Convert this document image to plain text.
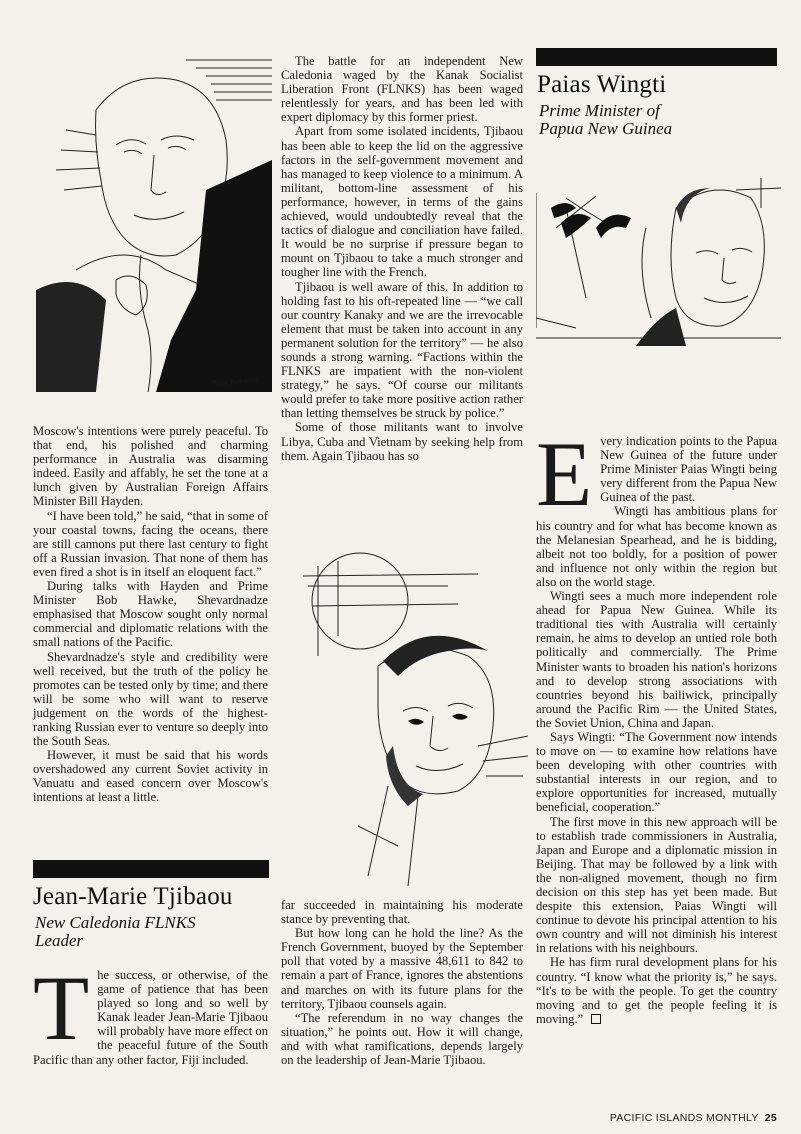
Tony Roberts

Moscow's intentions were purely peaceful. To that end, his polished and charming performance in Australia was disarming indeed. Easily and affably, he set the tone at a lunch given by Australian Foreign Affairs Minister Bill Hayden.

“I have been told,” he said, “that in some of your coastal towns, facing the oceans, there are still cannons put there last century to fight off a Russian invasion. That none of them has even fired a shot is in itself an eloquent fact.”

During talks with Hayden and Prime Minister Bob Hawke, Shevardnadze emphasised that Moscow sought only normal commercial and diplomatic relations with the small nations of the Pacific.

Shevardnadze's style and credibility were well received, but the truth of the policy he promotes can be tested only by time; and there will be some who will want to reserve judgement on the words of the highest-ranking Russian ever to venture so deeply into the South Seas.

However, it must be said that his words overshadowed any current Soviet activity in Vanuatu and eased concern over Moscow's intentions at least a little.

Jean-Marie Tjibaou
New Caledonia FLNKS
Leader

T he success, or otherwise, of the game of patience that has been played so long and so well by Kanak leader Jean-Marie Tjibaou will probably have more effect on the peaceful future of the South Pacific than any other factor, Fiji included.

The battle for an independent New Caledonia waged by the Kanak Socialist Liberation Front (FLNKS) has been waged relentlessly for years, and has been led with expert diplomacy by this former priest.

Apart from some isolated incidents, Tjibaou has been able to keep the lid on the aggressive factors in the self-government movement and has managed to keep violence to a minimum. A militant, bottom-line assessment of his performance, however, in terms of the gains achieved, would undoubtedly reveal that the tactics of dialogue and conciliation have failed. It would be no surprise if pressure began to mount on Tjibaou to take a much stronger and tougher line with the French.

Tjibaou is well aware of this. In addition to holding fast to his oft-repeated line — “we call our country Kanaky and we are the irrevocable element that must be taken into account in any permanent solution for the territory” — he also sounds a strong warning. “Factions within the FLNKS are impatient with the non-violent strategy,” he says. “Of course our militants would prefer to take more positive action rather than letting themselves be struck by police.”

Some of those militants want to involve Libya, Cuba and Vietnam by seeking help from them. Again Tjibaou has so

far succeeded in maintaining his moderate stance by preventing that.

But how long can he hold the line? As the French Government, buoyed by the September poll that voted by a massive 48,611 to 842 to remain a part of France, ignores the abstentions and marches on with its future plans for the territory, Tjibaou counsels again.

“The referendum in no way changes the situation,” he points out. How it will change, and with what ramifications, depends largely on the leadership of Jean-Marie Tjibaou.

Paias Wingti
Prime Minister of
Papua New Guinea

E very indication points to the Papua New Guinea of the future under Prime Minister Paias Wingti being very different from the Papua New Guinea of the past.

Wingti has ambitious plans for his country and for what has become known as the Melanesian Spearhead, and he is bidding, albeit not too boldly, for a position of power and influence not only within the region but also on the world stage.

Wingti sees a much more independent role ahead for Papua New Guinea. While its traditional ties with Australia will certainly remain, he aims to develop an untied role both politically and commercially. The Prime Minister wants to broaden his nation's horizons and to develop strong associations with countries beyond his bailiwick, principally around the Pacific Rim — the United States, the Soviet Union, China and Japan.

Says Wingti: “The Government now intends to move on — to examine how relations have been developing with other countries with substantial interests in our region, and to explore opportunities for increased, mutually beneficial, cooperation.”

The first move in this new approach will be to establish trade commissioners in Australia, Japan and Europe and a diplomatic mission in Beijing. That may be followed by a link with the non-aligned movement, though no firm decision on this step has yet been made. But despite this extension, Paias Wingti will continue to devote his principal attention to his own country and will not diminish his interest in relations with his neighbours.

He has firm rural development plans for his country. “I know what the priority is,” he says. “It's to be with the people. To get the country moving and to get the people feeling it is moving.”

PACIFIC ISLANDS MONTHLY 25
